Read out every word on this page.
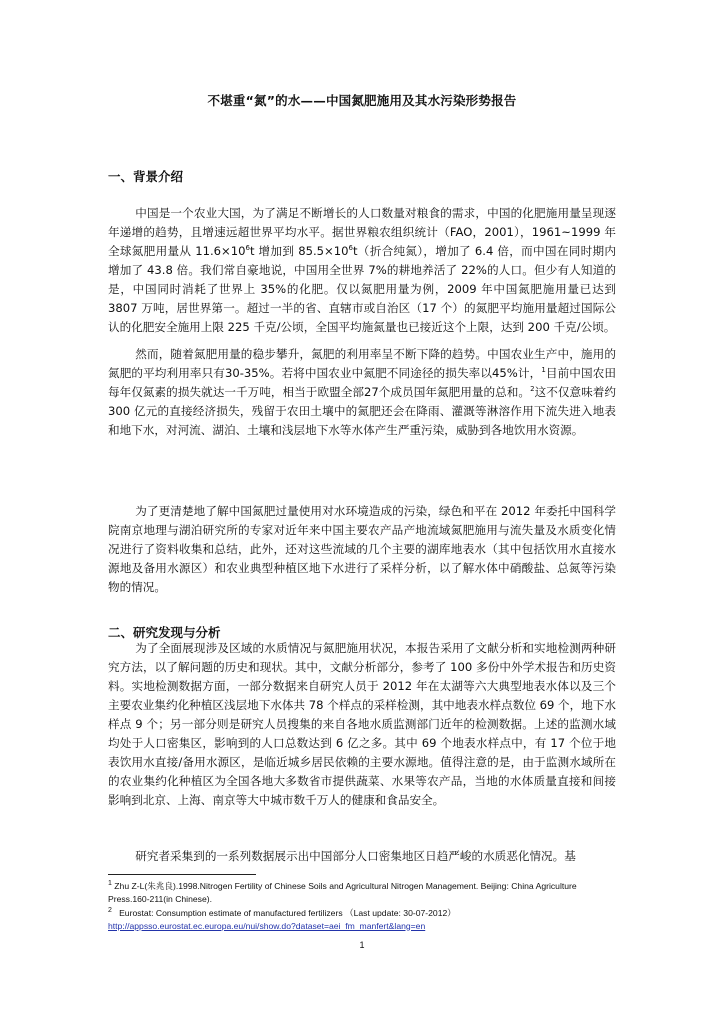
不堪重“氮”的水——中国氮肥施用及其水污染形势报告
一、背景介绍

中国是一个农业大国，为了满足不断增长的人口数量对粮食的需求，中国的化肥施用量呈现逐年递增的趋势，且增速远超世界平均水平。据世界粮农组织统计（FAO，2001），1961~1999 年全球氮肥用量从 $11.6\times 10^6t$ 增加到 $85.5\times 10^6t$（折合纯氮），增加了 6.4 倍，而中国在同时期内增加了 43.8 倍。我们常自豪地说，中国用全世界 7%的耕地养活了 22%的人口。但少有人知道的是，中国同时消耗了世界上 35%的化肥。仅以氮肥用量为例，2009 年中国氮肥施用量已达到 3807 万吨，居世界第一。超过一半的省、直辖市或自治区（17 个）的氮肥平均施用量超过国际公认的化肥安全施用上限 225 千克/公顷，全国平均施氮量也已接近这个上限，达到 200 千克/公顷。

然而，随着氮肥用量的稳步攀升，氮肥的利用率呈不断下降的趋势。中国农业生产中，施用的氮肥的平均利用率只有30-35%。若将中国农业中氮肥不同途径的损失率以45%计，$^1$目前中国农田每年仅氮素的损失就达一千万吨，相当于欧盟全部27个成员国年氮肥用量的总和。$^2$这不仅意味着约 300 亿元的直接经济损失，残留于农田土壤中的氮肥还会在降雨、灌溉等淋溶作用下流失进入地表和地下水，对河流、湖泊、土壤和浅层地下水等水体产生严重污染，威胁到各地饮用水资源。

为了更清楚地了解中国氮肥过量使用对水环境造成的污染，绿色和平在 2012 年委托中国科学院南京地理与湖泊研究所的专家对近年来中国主要农产品产地流域氮肥施用与流失量及水质变化情况进行了资料收集和总结，此外，还对这些流域的几个主要的湖库地表水（其中包括饮用水直接水源地及备用水源区）和农业典型种植区地下水进行了采样分析，以了解水体中硝酸盐、总氮等污染物的情况。

二、研究发现与分析

为了全面展现涉及区域的水质情况与氮肥施用状况，本报告采用了文献分析和实地检测两种研究方法，以了解问题的历史和现状。其中，文献分析部分，参考了 100 多份中外学术报告和历史资料。实地检测数据方面，一部分数据来自研究人员于 2012 年在太湖等六大典型地表水体以及三个主要农业集约化种植区浅层地下水体共 78 个样点的采样检测，其中地表水样点数位 69 个，地下水样点 9 个；另一部分则是研究人员搜集的来自各地水质监测部门近年的检测数据。上述的监测水域均处于人口密集区，影响到的人口总数达到 6 亿之多。其中 69 个地表水样点中，有 17 个位于地表饮用水直接/备用水源区，是临近城乡居民依赖的主要水源地。值得注意的是，由于监测水域所在的农业集约化种植区为全国各地大多数省市提供蔬菜、水果等农产品，当地的水体质量直接和间接影响到北京、上海、南京等大中城市数千万人的健康和食品安全。

研究者采集到的一系列数据展示出中国部分人口密集地区日趋严峻的水质恶化情况。基

$^1$ Zhu Z-L(朱兆良).1998.Nitrogen Fertility of Chinese Soils and Agricultural Nitrogen Management. Beijing: China Agriculture Press.160-211(in Chinese).

$^2$ Eurostat: Consumption estimate of manufactured fertilizers （Last update: 30-07-2012）

http://appsso.eurostat.ec.europa.eu/nui/show.do?dataset=aei_fm_manfert&lang=en
1
